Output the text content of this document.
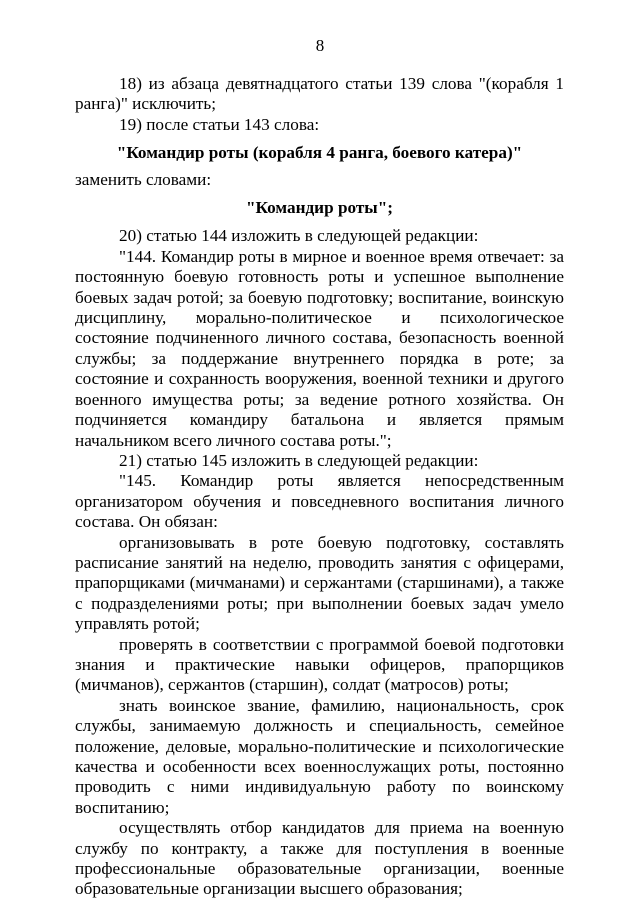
8

18) из абзаца девятнадцатого статьи 139 слова "(корабля 1 ранга)" исключить;

19) после статьи 143 слова:

"Командир роты (корабля 4 ранга, боевого катера)"

заменить словами:

"Командир роты";

20) статью 144 изложить в следующей редакции:

"144. Командир роты в мирное и военное время отвечает: за постоянную боевую готовность роты и успешное выполнение боевых задач ротой; за боевую подготовку; воспитание, воинскую дисциплину, морально-политическое и психологическое состояние подчиненного личного состава, безопасность военной службы; за поддержание внутреннего порядка в роте; за состояние и сохранность вооружения, военной техники и другого военного имущества роты; за ведение ротного хозяйства. Он подчиняется командиру батальона и является прямым начальником всего личного состава роты.";

21) статью 145 изложить в следующей редакции:

"145. Командир роты является непосредственным организатором обучения и повседневного воспитания личного состава. Он обязан:

организовывать в роте боевую подготовку, составлять расписание занятий на неделю, проводить занятия с офицерами, прапорщиками (мичманами) и сержантами (старшинами), а также с подразделениями роты; при выполнении боевых задач умело управлять ротой;

проверять в соответствии с программой боевой подготовки знания и практические навыки офицеров, прапорщиков (мичманов), сержантов (старшин), солдат (матросов) роты;

знать воинское звание, фамилию, национальность, срок службы, занимаемую должность и специальность, семейное положение, деловые, морально-политические и психологические качества и особенности всех военнослужащих роты, постоянно проводить с ними индивидуальную работу по воинскому воспитанию;

осуществлять отбор кандидатов для приема на военную службу по контракту, а также для поступления в военные профессиональные образовательные организации, военные образовательные организации высшего образования;
